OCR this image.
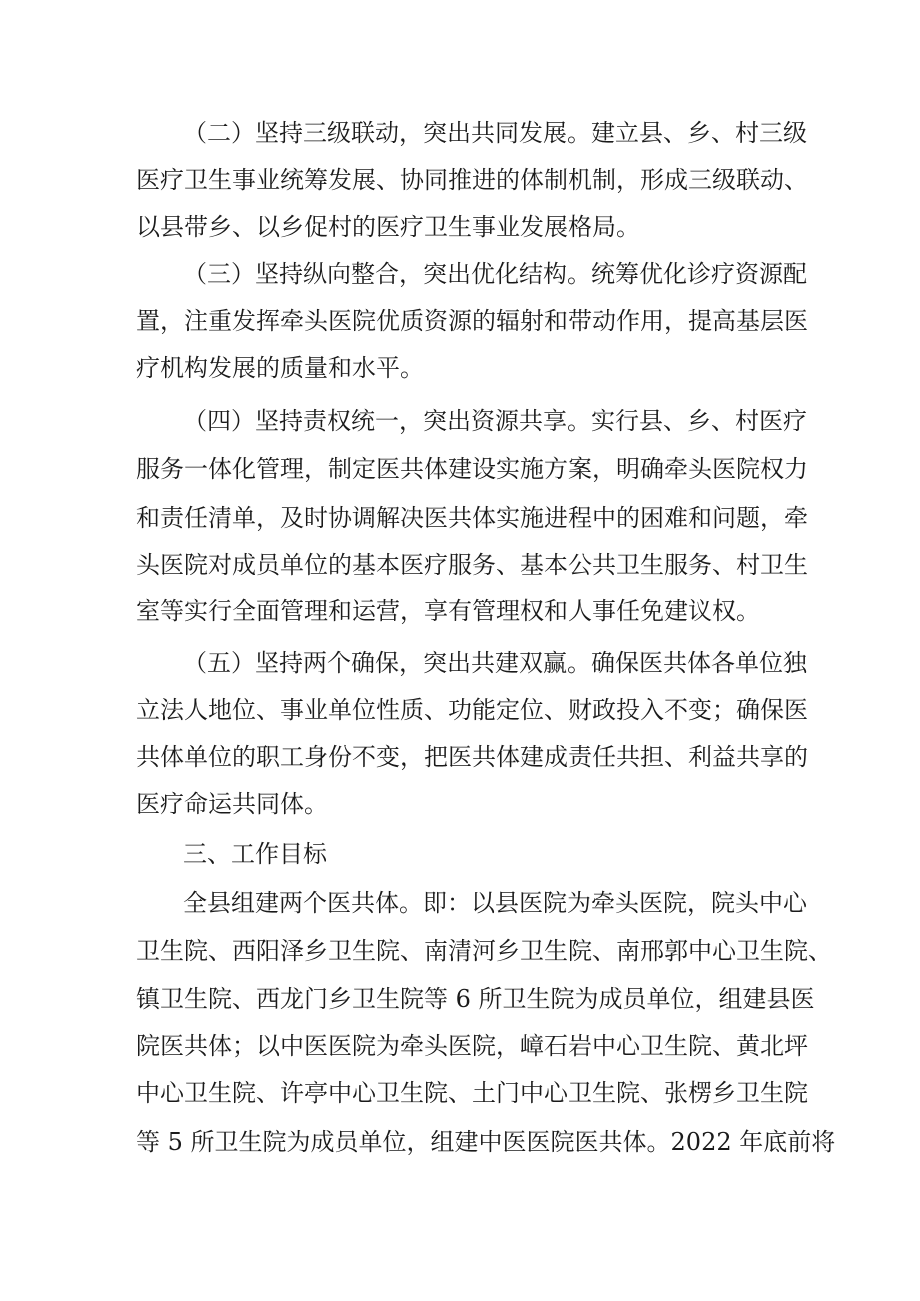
（二）坚持三级联动，突出共同发展。建立县、乡、村三级
医疗卫生事业统筹发展、协同推进的体制机制，形成三级联动、
以县带乡、以乡促村的医疗卫生事业发展格局。
（三）坚持纵向整合，突出优化结构。统筹优化诊疗资源配
置，注重发挥牵头医院优质资源的辐射和带动作用，提高基层医
疗机构发展的质量和水平。
（四）坚持责权统一，突出资源共享。实行县、乡、村医疗
服务一体化管理，制定医共体建设实施方案，明确牵头医院权力
和责任清单，及时协调解决医共体实施进程中的困难和问题，牵
头医院对成员单位的基本医疗服务、基本公共卫生服务、村卫生
室等实行全面管理和运营，享有管理权和人事任免建议权。
（五）坚持两个确保，突出共建双赢。确保医共体各单位独
立法人地位、事业单位性质、功能定位、财政投入不变；确保医
共体单位的职工身份不变，把医共体建成责任共担、利益共享的
医疗命运共同体。
三、工作目标
全县组建两个医共体。即：以县医院为牵头医院，院头中心
卫生院、西阳泽乡卫生院、南清河乡卫生院、南邢郭中心卫生院、
镇卫生院、西龙门乡卫生院等 6 所卫生院为成员单位，组建县医
院医共体；以中医医院为牵头医院，嶂石岩中心卫生院、黄北坪
中心卫生院、许亭中心卫生院、土门中心卫生院、张楞乡卫生院
等 5 所卫生院为成员单位，组建中医医院医共体。2022 年底前将
